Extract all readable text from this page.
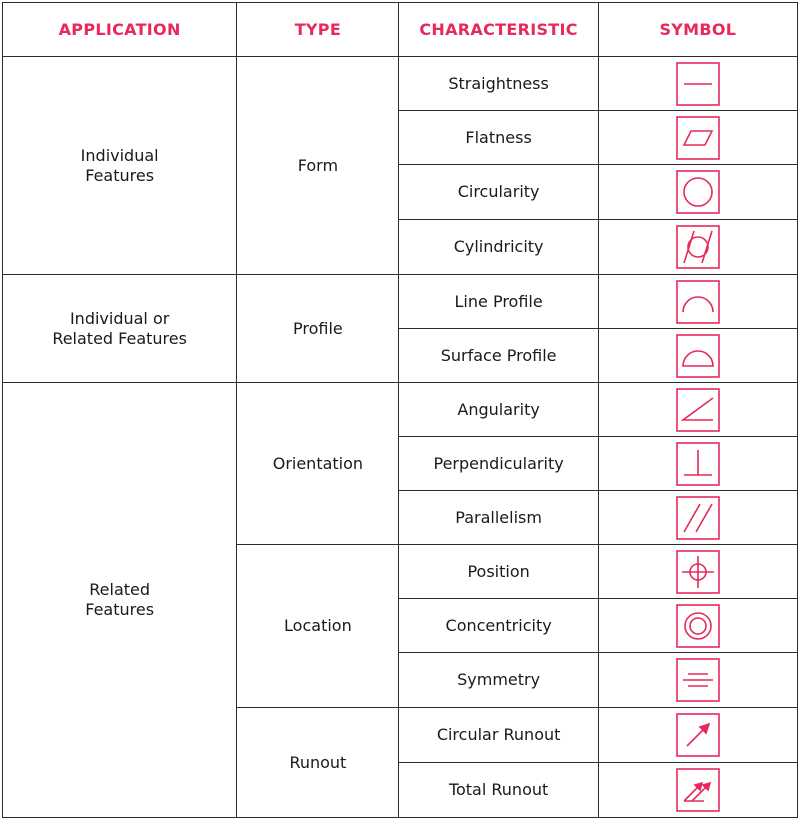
APPLICATION	TYPE	CHARACTERISTIC	SYMBOL

Individual
Features	Form	Straightness	

		Flatness	

		Circularity	

		Cylindricity	

Individual or
Related Features	Profile	Line Profile	

		Surface Profile	

Related
Features	Orientation	Angularity	

		Perpendicularity	

		Parallelism	

	Location	Position	

		Concentricity	

		Symmetry	

	Runout	Circular Runout	

		Total Runout	
